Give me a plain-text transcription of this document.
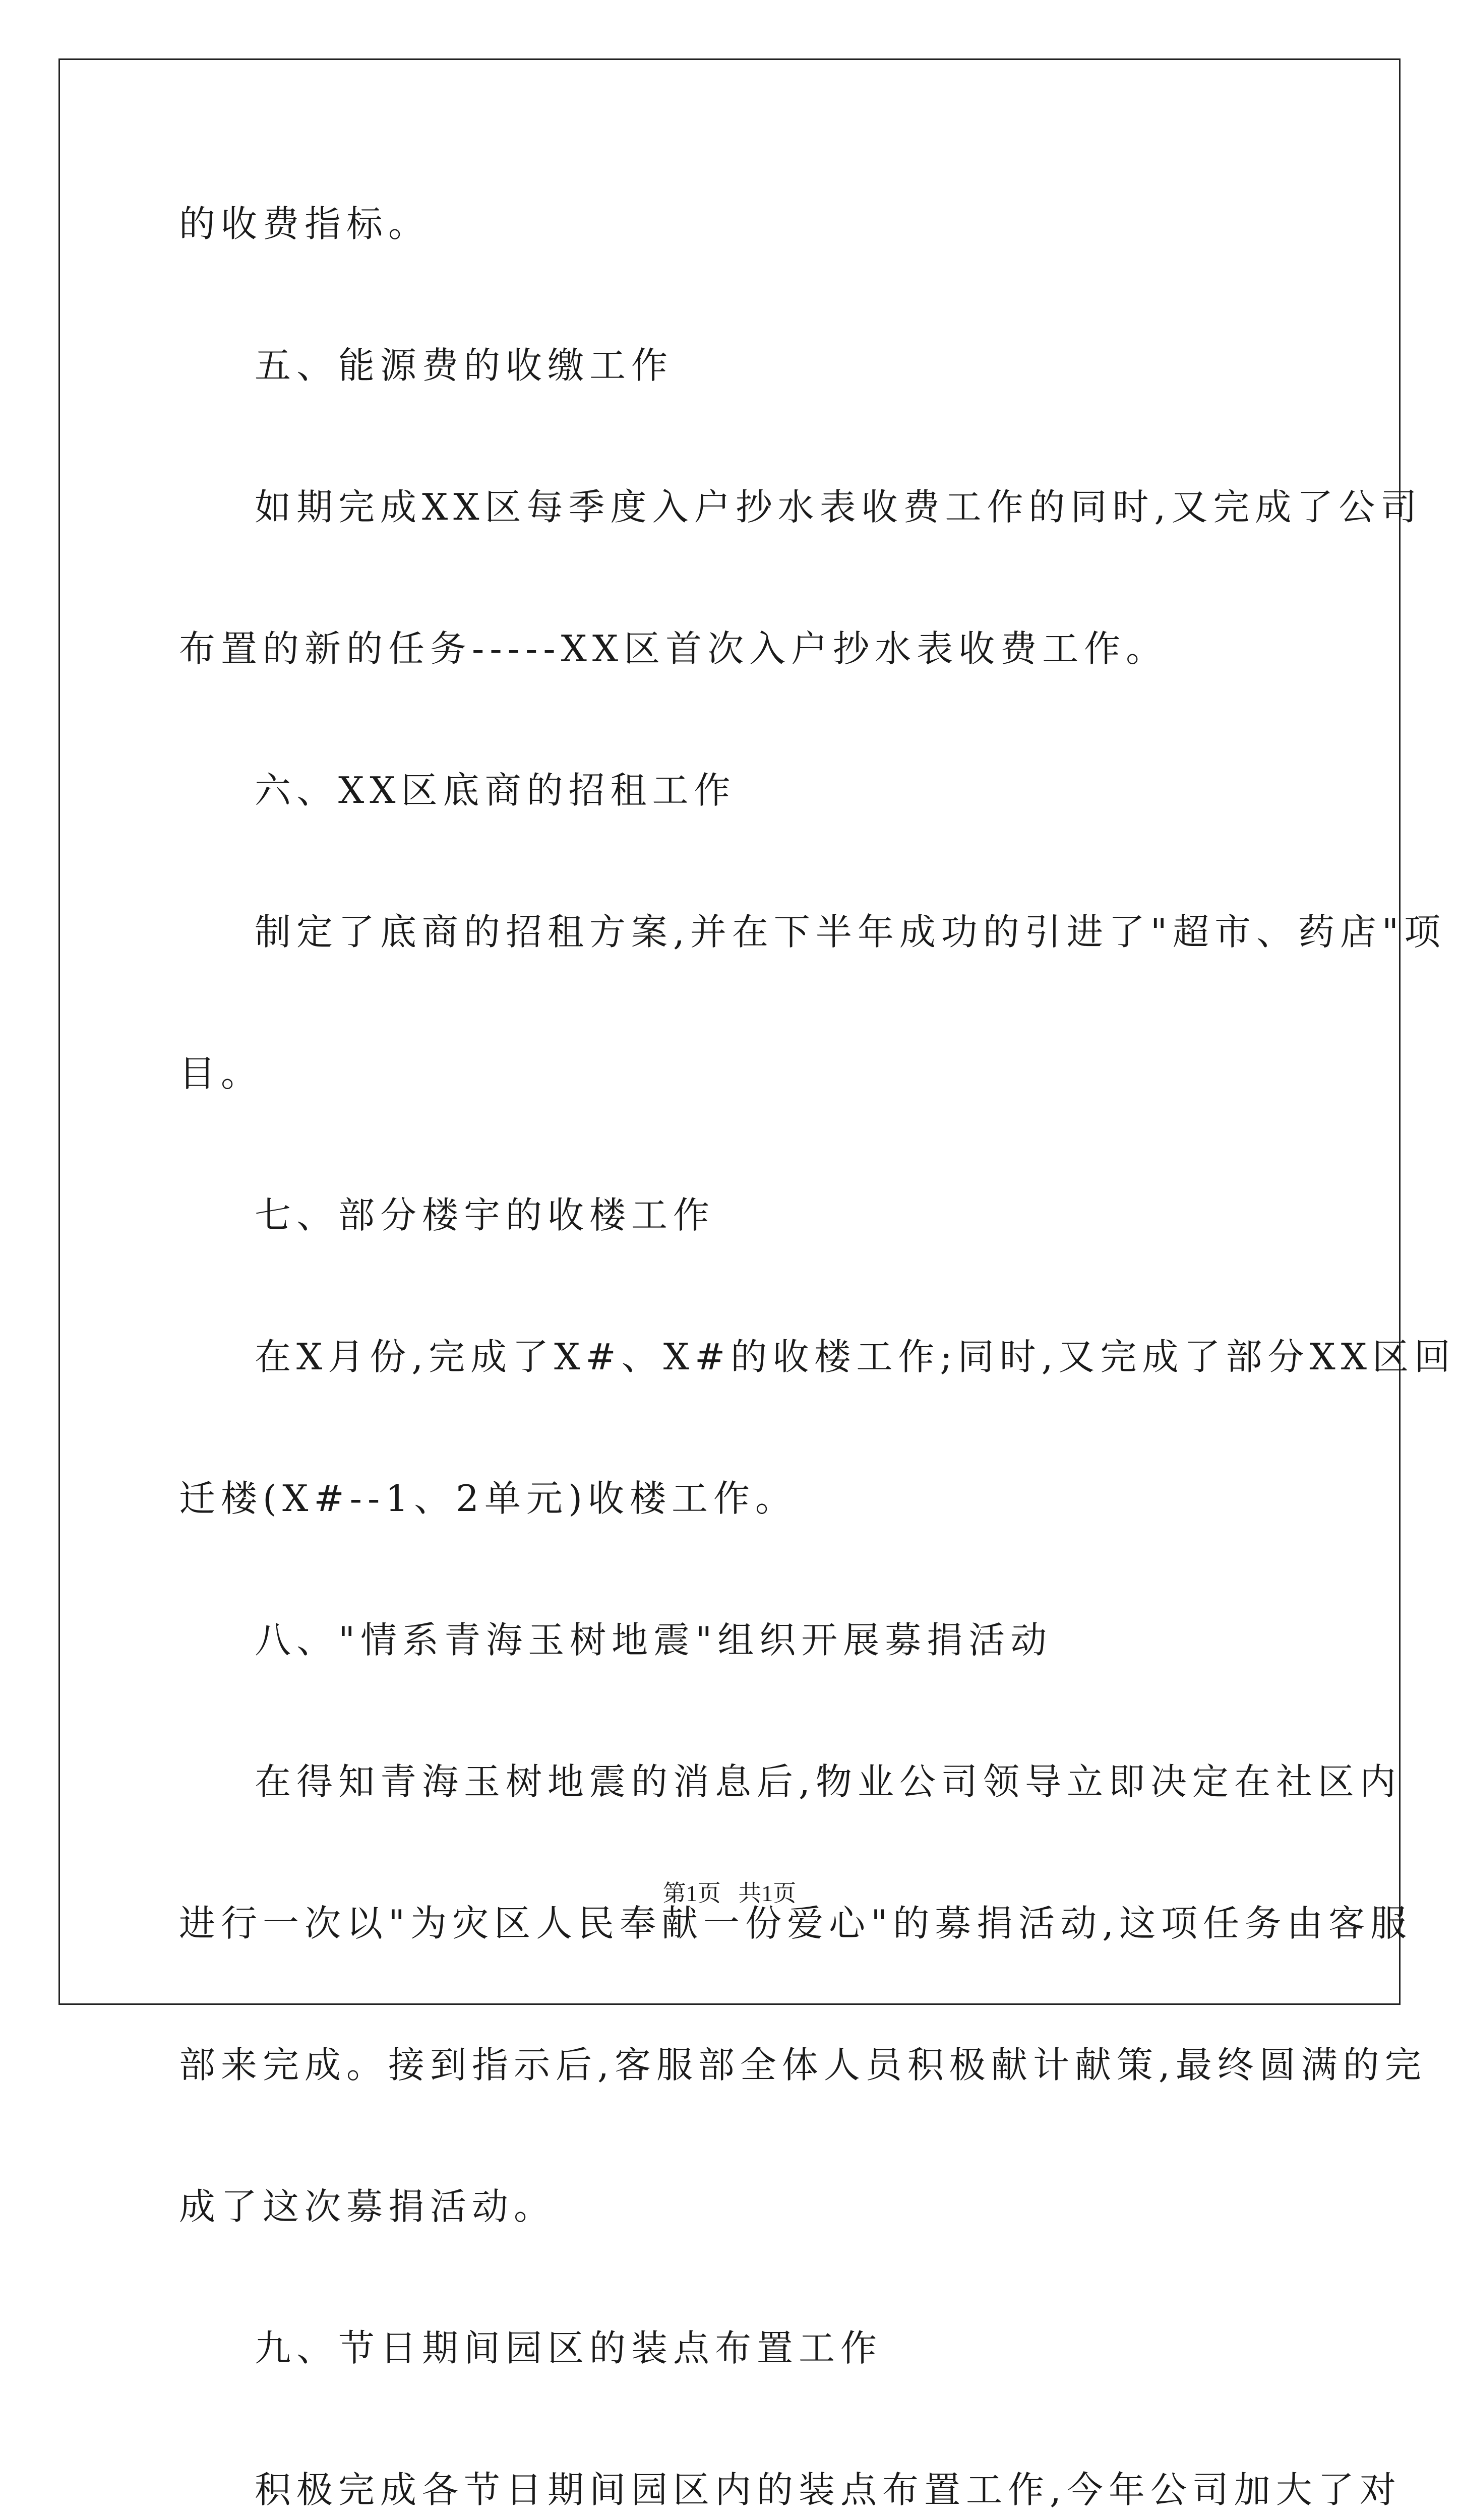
的收费指标。
五、能源费的收缴工作
如期完成XX区每季度入户抄水表收费工作的同时,又完成了公司
布置的新的任务-----XX区首次入户抄水表收费工作。
六、XX区底商的招租工作
制定了底商的招租方案,并在下半年成功的引进了"超市、药店"项
目。
七、部分楼宇的收楼工作
在X月份,完成了X#、X#的收楼工作;同时,又完成了部分XX区回
迁楼(X#--1、2单元)收楼工作。
八、"情系青海玉树地震"组织开展募捐活动
在得知青海玉树地震的消息后,物业公司领导立即决定在社区内
进行一次以"为灾区人民奉献一份爱心"的募捐活动,这项任务由客服
部来完成。接到指示后,客服部全体人员积极献计献策,最终圆满的完
成了这次募捐活动。
九、节日期间园区的装点布置工作
积极完成各节日期间园区内的装点布置工作,今年公司加大了对
第1页   共1页
